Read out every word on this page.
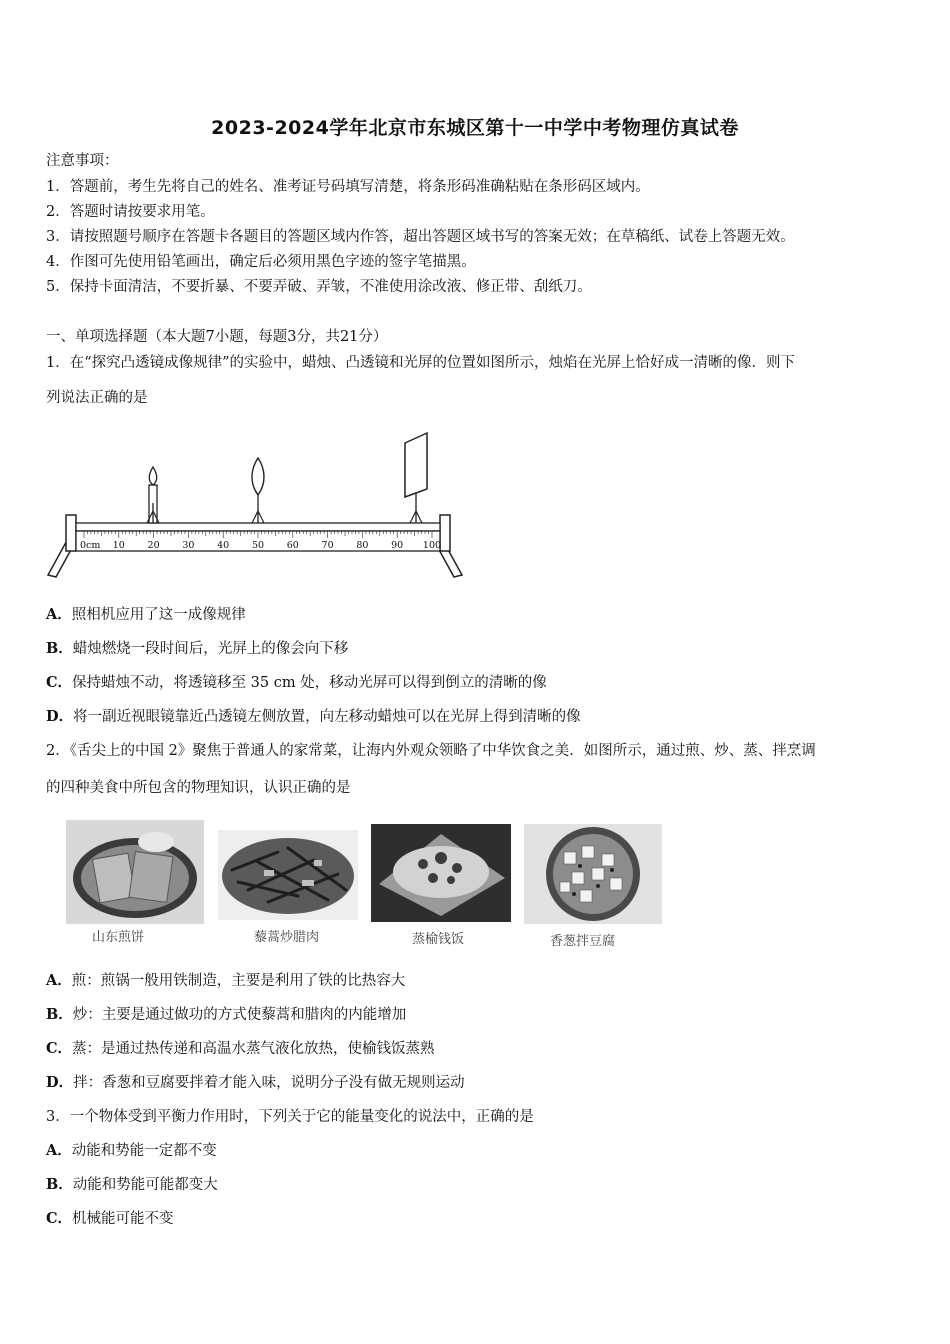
2023-2024学年北京市东城区第十一中学中考物理仿真试卷
注意事项：
1．答题前，考生先将自己的姓名、准考证号码填写清楚，将条形码准确粘贴在条形码区域内。
2．答题时请按要求用笔。
3．请按照题号顺序在答题卡各题目的答题区域内作答，超出答题区域书写的答案无效；在草稿纸、试卷上答题无效。
4．作图可先使用铅笔画出，确定后必须用黑色字迹的签字笔描黑。
5．保持卡面清洁，不要折暴、不要弄破、弄皱，不准使用涂改液、修正带、刮纸刀。
一、单项选择题（本大题7小题，每题3分，共21分）
1．在“探究凸透镜成像规律”的实验中，蜡烛、凸透镜和光屏的位置如图所示，烛焰在光屏上恰好成一清晰的像．则下
列说法正确的是
0cm 10 20 30 40 50 60 70 80 90 100
A．照相机应用了这一成像规律
B．蜡烛燃烧一段时间后，光屏上的像会向下移
C．保持蜡烛不动，将透镜移至 35 cm 处，移动光屏可以得到倒立的清晰的像
D．将一副近视眼镜靠近凸透镜左侧放置，向左移动蜡烛可以在光屏上得到清晰的像
2．《舌尖上的中国 2》聚焦于普通人的家常菜，让海内外观众领略了中华饮食之美．如图所示，通过煎、炒、蒸、拌烹调
的四种美食中所包含的物理知识，认识正确的是
山东煎饼	藜蒿炒腊肉	蒸榆钱饭	香葱拌豆腐
A．煎：煎锅一般用铁制造，主要是利用了铁的比热容大
B．炒：主要是通过做功的方式使藜蒿和腊肉的内能增加
C．蒸：是通过热传递和高温水蒸气液化放热，使榆钱饭蒸熟
D．拌：香葱和豆腐要拌着才能入味，说明分子没有做无规则运动
3．一个物体受到平衡力作用时，下列关于它的能量变化的说法中，正确的是
A．动能和势能一定都不变
B．动能和势能可能都变大
C．机械能可能不变
